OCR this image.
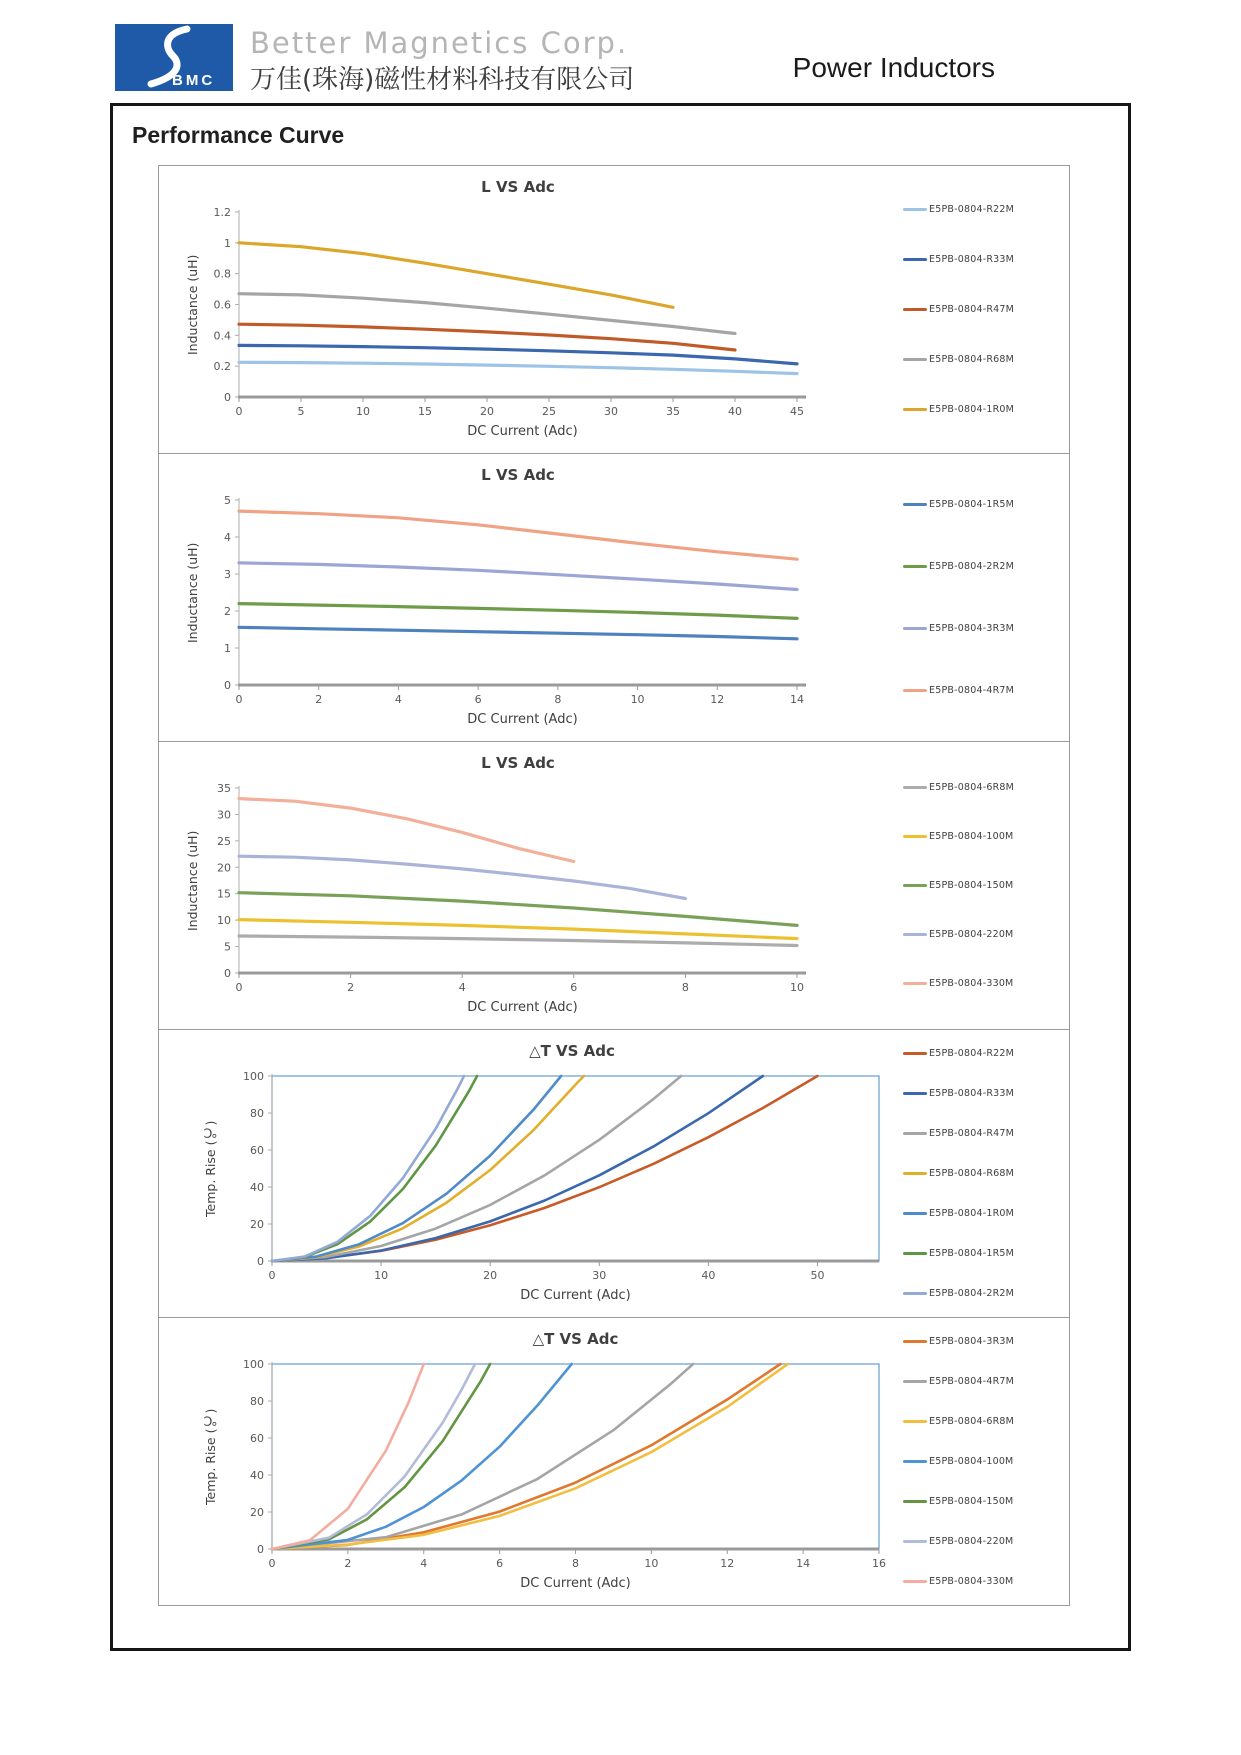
BMC
Better Magnetics Corp.
万佳(珠海)磁性材料科技有限公司	Power Inductors
Performance Curve
L VS Adc
Inductance (uH)
0
0.2
0.4
0.6
0.8
1
1.2
0	5	10	15	20	25	30	35	40	45
DC Current (Adc)
E5PB-0804-R22M
E5PB-0804-R33M
E5PB-0804-R47M
E5PB-0804-R68M
E5PB-0804-1R0M
L VS Adc
Inductance (uH)
0
1
2
3
4
5
0	2	4	6	8	10	12	14
DC Current (Adc)
E5PB-0804-1R5M
E5PB-0804-2R2M
E5PB-0804-3R3M
E5PB-0804-4R7M
L VS Adc
Inductance (uH)
0
5
10
15
20
25
30
35
0	2	4	6	8	10
DC Current (Adc)
E5PB-0804-6R8M
E5PB-0804-100M
E5PB-0804-150M
E5PB-0804-220M
E5PB-0804-330M
△T VS Adc
Temp. Rise (℃)
0
20
40
60
80
100
0	10	20	30	40	50
DC Current (Adc)
E5PB-0804-R22M
E5PB-0804-R33M
E5PB-0804-R47M
E5PB-0804-R68M
E5PB-0804-1R0M
E5PB-0804-1R5M
E5PB-0804-2R2M
△T VS Adc
Temp. Rise (℃)
0
20
40
60
80
100
0	2	4	6	8	10	12	14	16
DC Current (Adc)
E5PB-0804-3R3M
E5PB-0804-4R7M
E5PB-0804-6R8M
E5PB-0804-100M
E5PB-0804-150M
E5PB-0804-220M
E5PB-0804-330M
